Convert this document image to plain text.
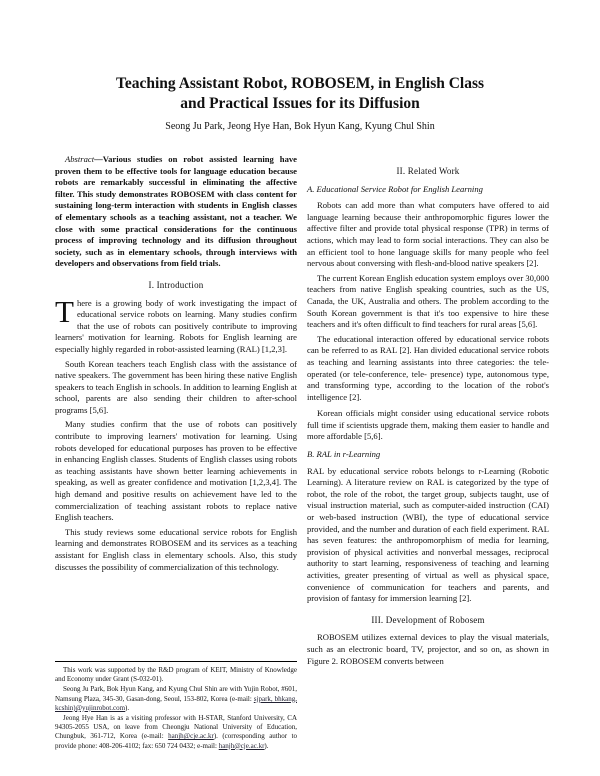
Teaching Assistant Robot, ROBOSEM, in English Class
and Practical Issues for its Diffusion
Seong Ju Park, Jeong Hye Han, Bok Hyun Kang, Kyung Chul Shin

Abstract—Various studies on robot assisted learning have proven them to be effective tools for language education because robots are remarkably successful in eliminating the affective filter. This study demonstrates ROBOSEM with class content for sustaining long-term interaction with students in English classes of elementary schools as a teaching assistant, not a teacher. We close with some practical considerations for the continuous process of improving technology and its diffusion throughout society, such as in elementary schools, through interviews with developers and observations from field trials.

I. Introduction

There is a growing body of work investigating the impact of educational service robots on learning. Many studies confirm that the use of robots can positively contribute to improving learners' motivation for learning. Robots for English learning are especially highly regarded in robot-assisted learning (RAL) [1,2,3].

South Korean teachers teach English class with the assistance of native speakers. The government has been hiring these native English speakers to teach English in schools. In addition to learning English at school, parents are also sending their children to after-school programs [5,6].

Many studies confirm that the use of robots can positively contribute to improving learners' motivation for learning. Using robots developed for educational purposes has proven to be effective in enhancing English classes. Students of English classes using robots as teaching assistants have shown better learning achievements in speaking, as well as greater confidence and motivation [1,2,3,4]. The high demand and positive results on achievement have led to the commercialization of teaching assistant robots to replace native English teachers.

This study reviews some educational service robots for English learning and demonstrates ROBOSEM and its services as a teaching assistant for English class in elementary schools. Also, this study discusses the possibility of commercialization of this technology.

This work was supported by the R&D program of KEIT, Ministry of Knowledge and Economy under Grant (S-032-01).

Seong Ju Park, Bok Hyun Kang, and Kyung Chul Shin are with Yujin Robot, #601, Namsung Plaza, 345-30, Gasan-dong, Seoul, 153-802, Korea (e-mail: sjpark, bhkang, kcshin)@yujinrobot.com).

Jeong Hye Han is as a visiting professor with H-STAR, Stanford University, CA 94305-2055 USA, on leave from Cheongju National University of Education, Chungbuk, 361-712, Korea (e-mail: hanjh@cje.ac.kr). (corresponding author to provide phone: 408-206-4102; fax: 650 724 0432; e-mail: hanjh@cje.ac.kr).

II. Related Work
A. Educational Service Robot for English Learning

Robots can add more than what computers have offered to aid language learning because their anthropomorphic figures lower the affective filter and provide total physical response (TPR) in terms of actions, which may lead to form social interactions. They can also be an efficient tool to hone language skills for many people who feel nervous about conversing with flesh-and-blood native speakers [2].

The current Korean English education system employs over 30,000 teachers from native English speaking countries, such as the US, Canada, the UK, Australia and others. The problem according to the South Korean government is that it's too expensive to hire these teachers and it's often difficult to find teachers for rural areas [5,6].

The educational interaction offered by educational service robots can be referred to as RAL [2]. Han divided educational service robots as teaching and learning assistants into three categories: the tele-operated (or tele-conference, tele- presence) type, autonomous type, and transforming type, according to the location of the robot's intelligence [2].

Korean officials might consider using educational service robots full time if scientists upgrade them, making them easier to handle and more affordable [5,6].

B. RAL in r-Learning

RAL by educational service robots belongs to r-Learning (Robotic Learning). A literature review on RAL is categorized by the type of robot, the role of the robot, the target group, subjects taught, use of visual instruction material, such as computer-aided instruction (CAI) or web-based instruction (WBI), the type of educational service provided, and the number and duration of each field experiment. RAL has seven features: the anthropomorphism of media for learning, provision of physical activities and nonverbal messages, reciprocal authority to start learning, responsiveness of teaching and learning activities, greater presenting of virtual as well as physical space, convenience of communication for teachers and parents, and provision of fantasy for immersion learning [2].

III. Development of Robosem

ROBOSEM utilizes external devices to play the visual materials, such as an electronic board, TV, projector, and so on, as shown in Figure 2. ROBOSEM converts between
